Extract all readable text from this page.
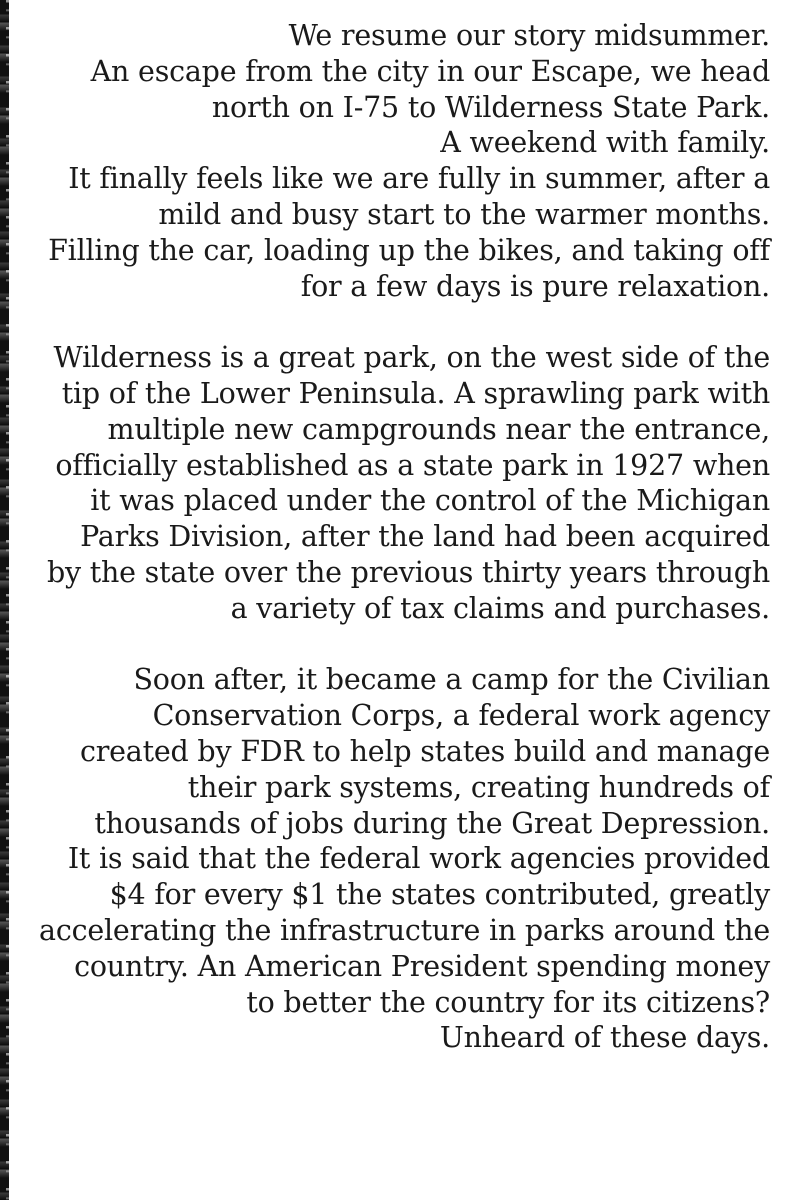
We resume our story midsummer.
An escape from the city in our Escape, we head
north on I-75 to Wilderness State Park.
A weekend with family.
It finally feels like we are fully in summer, after a
mild and busy start to the warmer months.
Filling the car, loading up the bikes, and taking off
for a few days is pure relaxation.

Wilderness is a great park, on the west side of the
tip of the Lower Peninsula. A sprawling park with
multiple new campgrounds near the entrance,
officially established as a state park in 1927 when
it was placed under the control of the Michigan
Parks Division, after the land had been acquired
by the state over the previous thirty years through
a variety of tax claims and purchases.

Soon after, it became a camp for the Civilian
Conservation Corps, a federal work agency
created by FDR to help states build and manage
their park systems, creating hundreds of
thousands of jobs during the Great Depression.
It is said that the federal work agencies provided
$4 for every $1 the states contributed, greatly
accelerating the infrastructure in parks around the
country. An American President spending money
to better the country for its citizens?
Unheard of these days.
